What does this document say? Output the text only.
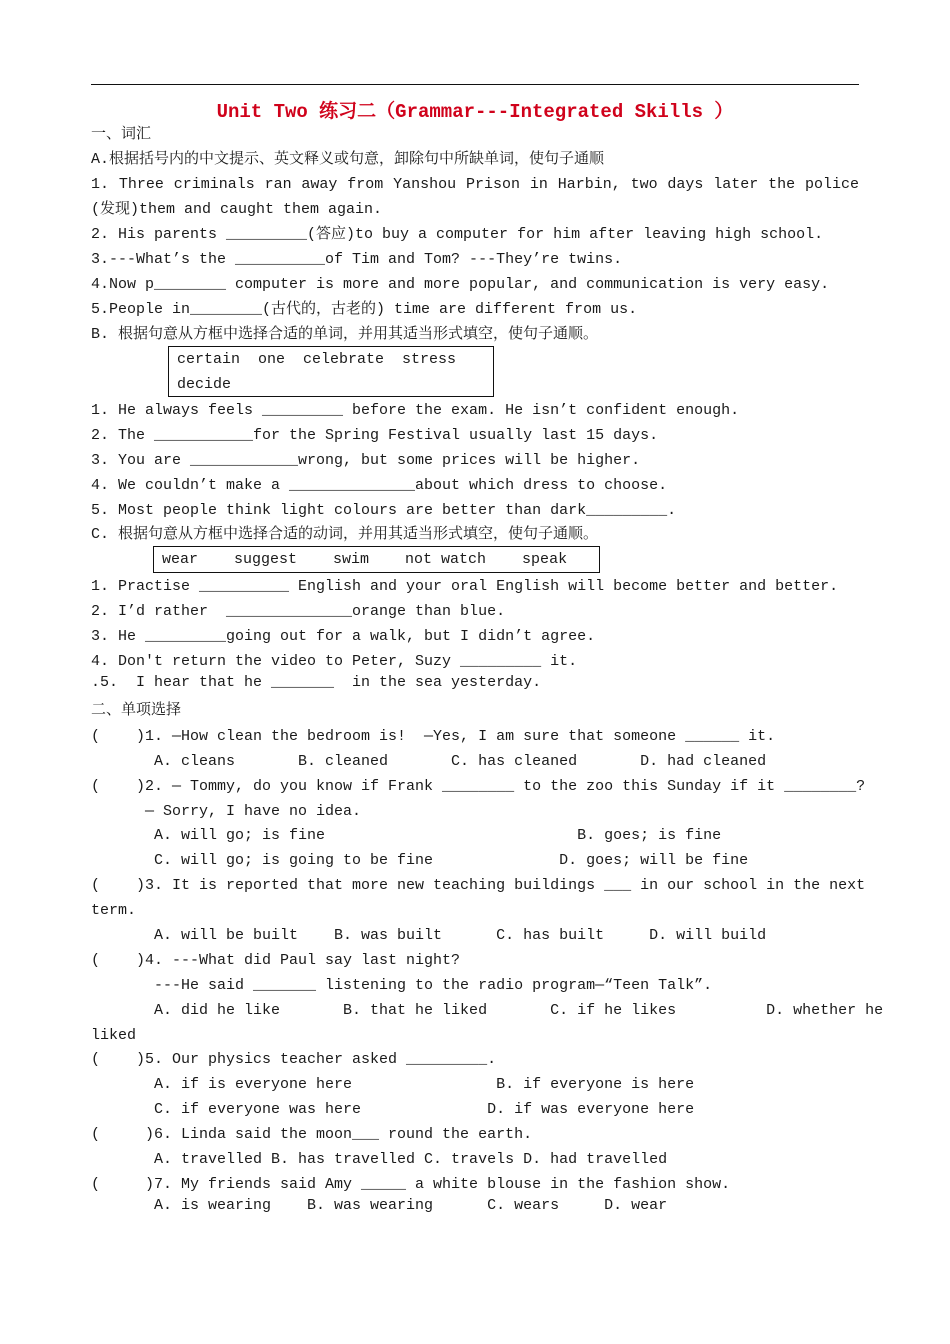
Unit Two 练习二（Grammar---Integrated Skills ）
一、词汇
A.根据括号内的中文提示、英文释义或句意，卸除句中所缺单词，使句子通顺
1. Three criminals ran away from Yanshou Prison in Harbin, two days later the police
(发现)them and caught them again.
2. His parents _________(答应)to buy a computer for him after leaving high school.
3.---What’s the __________of Tim and Tom? ---They’re twins.
4.Now p________ computer is more and more popular, and communication is very easy.
5.People in________(古代的，古老的) time are different from us.
B. 根据句意从方框中选择合适的单词，并用其适当形式填空，使句子通顺。
certain  one  celebrate  stress
decide
1. He always feels _________ before the exam. He isn’t confident enough.
2. The ___________for the Spring Festival usually last 15 days.
3. You are ____________wrong, but some prices will be higher.
4. We couldn’t make a ______________about which dress to choose.
5. Most people think light colours are better than dark_________.
C. 根据句意从方框中选择合适的动词，并用其适当形式填空，使句子通顺。
wear    suggest    swim    not watch    speak
1. Practise __________ English and your oral English will become better and better.
2. I’d rather  ______________orange than blue.
3. He _________going out for a walk, but I didn’t agree.
4. Don't return the video to Peter, Suzy _________ it.
.5.  I hear that he _______  in the sea yesterday.
二、单项选择
(    )1. —How clean the bedroom is!  —Yes, I am sure that someone ______ it.
A. cleans       B. cleaned       C. has cleaned       D. had cleaned
(    )2. — Tommy, do you know if Frank ________ to the zoo this Sunday if it ________?
— Sorry, I have no idea.
A. will go; is fine                            B. goes; is fine
C. will go; is going to be fine              D. goes; will be fine
(    )3. It is reported that more new teaching buildings ___ in our school in the next
term.
A. will be built    B. was built      C. has built     D. will build
(    )4. ---What did Paul say last night?
---He said _______ listening to the radio program—“Teen Talk”.
A. did he like       B. that he liked       C. if he likes          D. whether he
liked
(    )5. Our physics teacher asked _________.
A. if is everyone here                B. if everyone is here
C. if everyone was here              D. if was everyone here
(     )6. Linda said the moon___ round the earth.
A. travelled B. has travelled C. travels D. had travelled
(     )7. My friends said Amy _____ a white blouse in the fashion show.
A. is wearing    B. was wearing      C. wears     D. wear
